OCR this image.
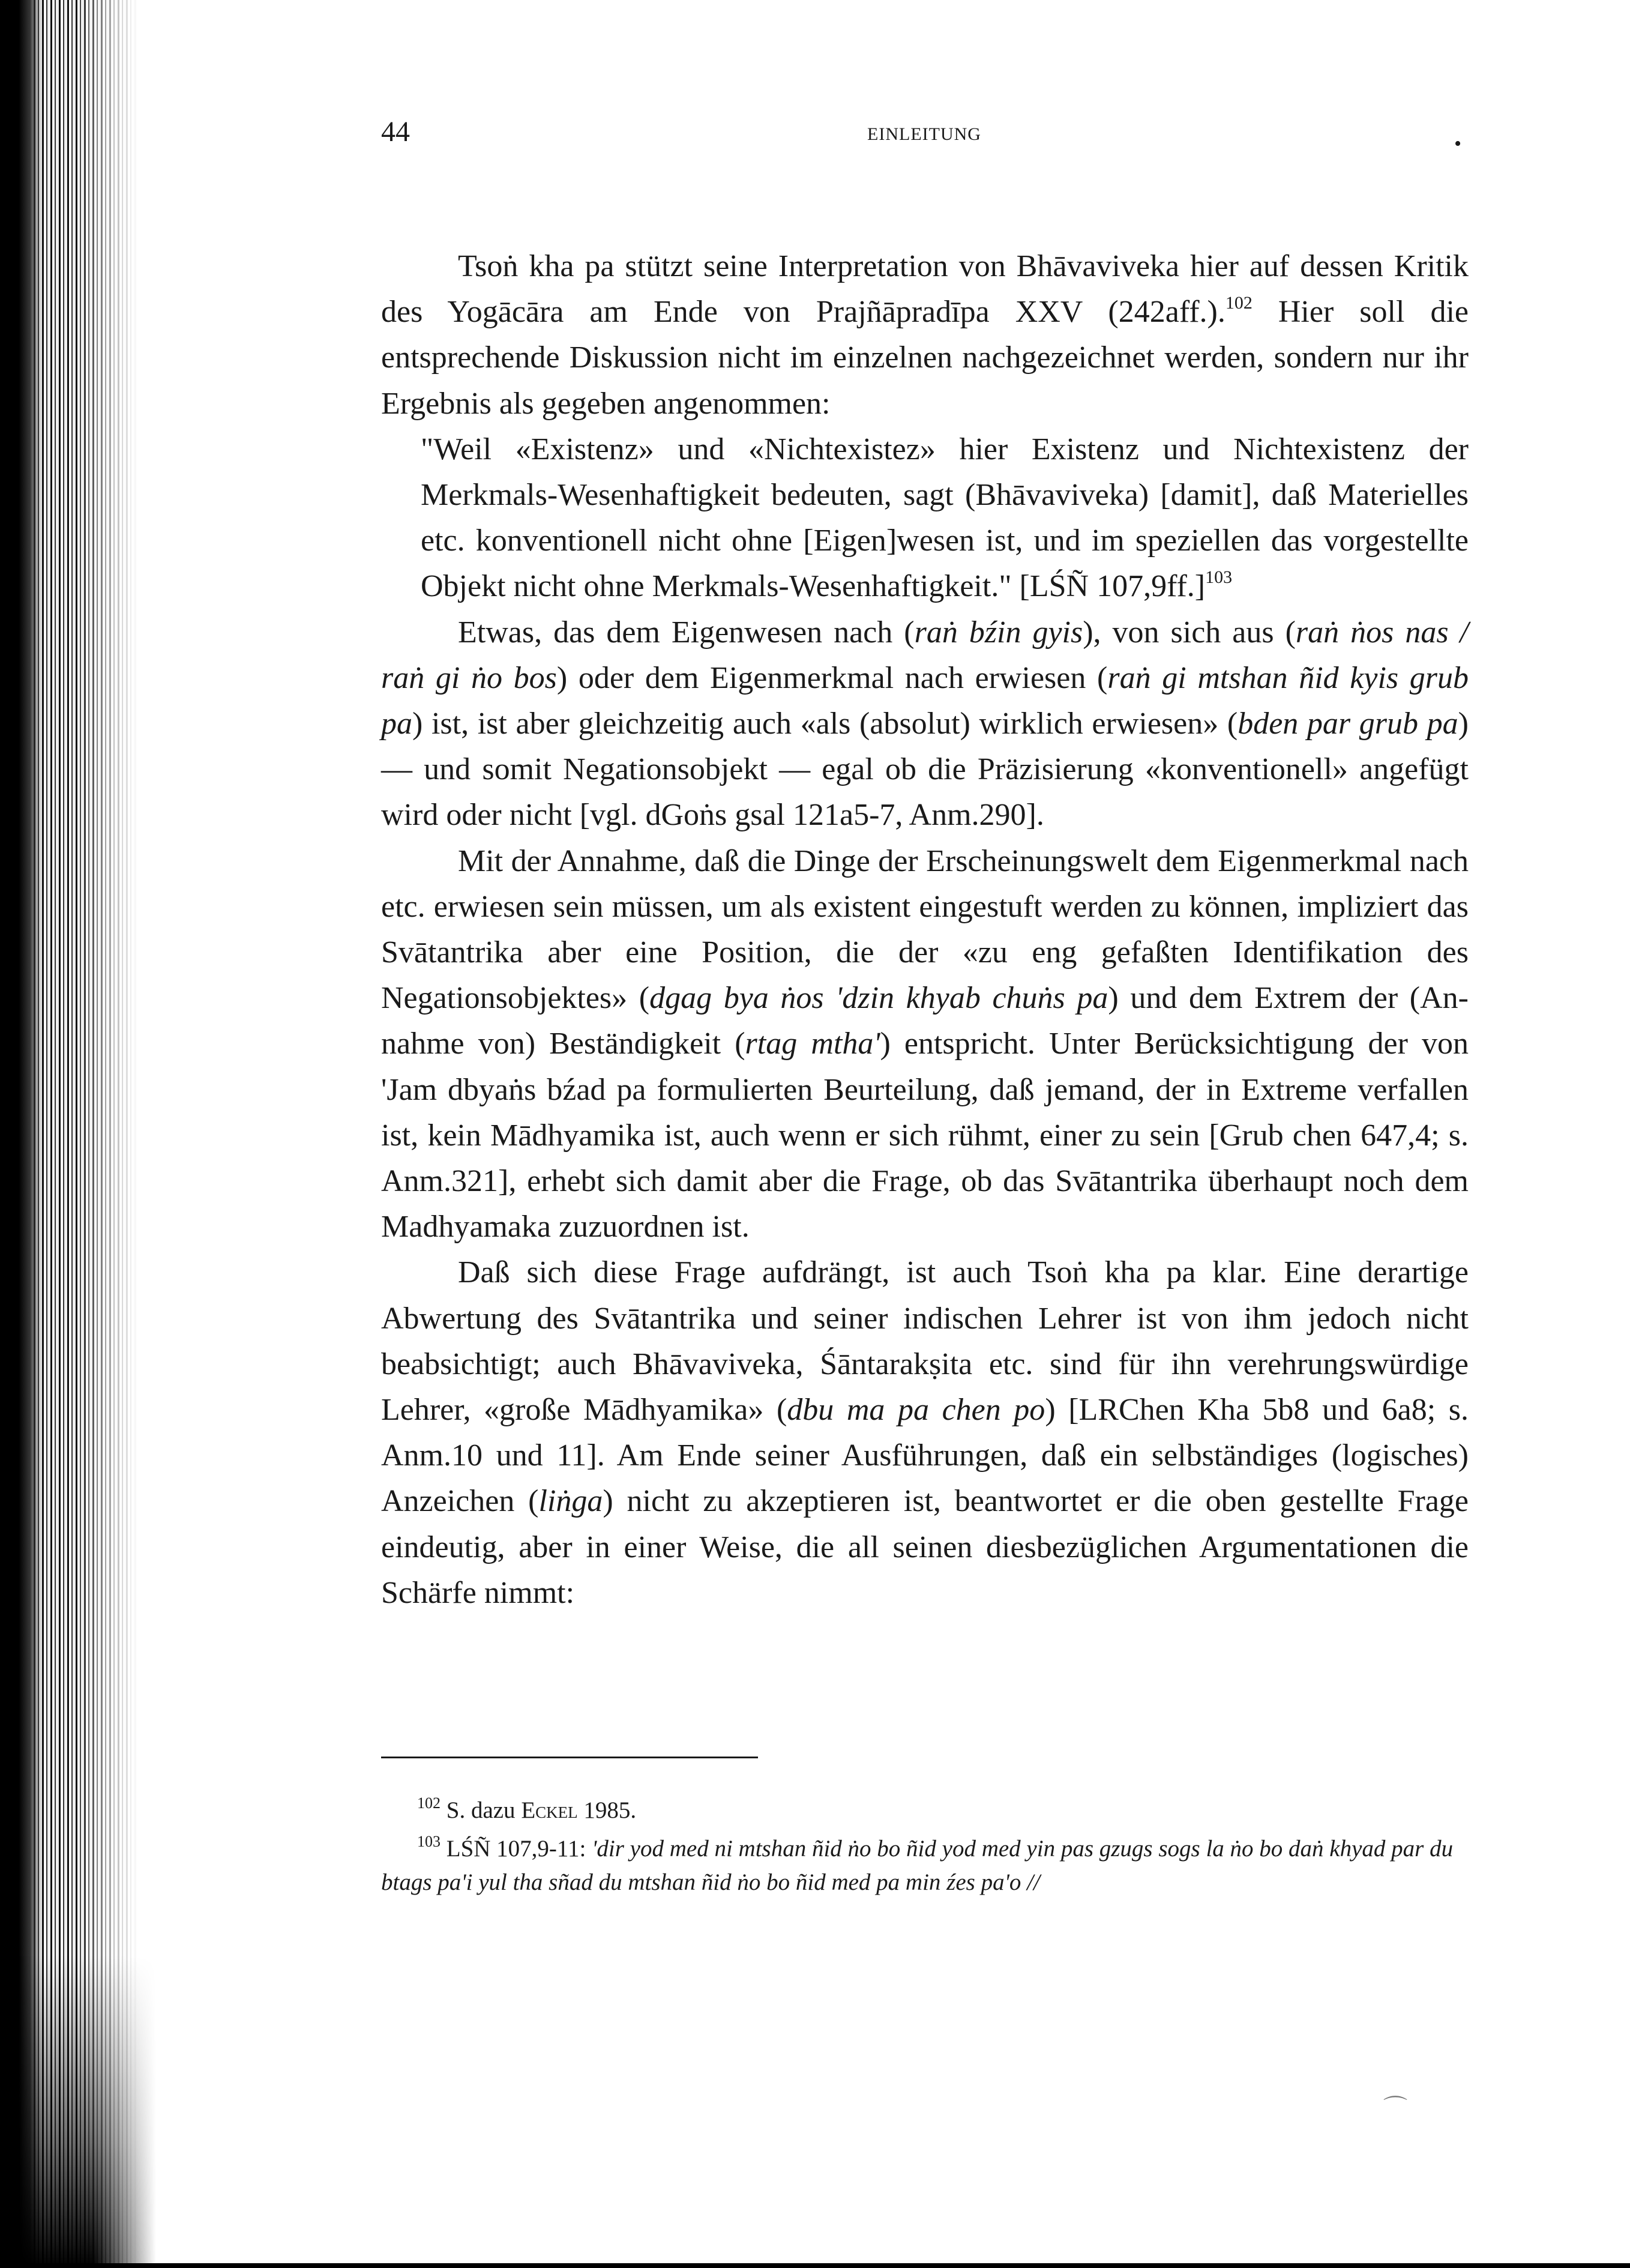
44	EINLEITUNG	•

Tsoṅ kha pa stützt seine Interpretation von Bhāvaviveka hier auf dessen Kritik des Yogācāra am Ende von Prajñāpradīpa XXV (242aff.).$^{102}$ Hier soll die entsprechende Diskussion nicht im einzelnen nachgezeichnet werden, sondern nur ihr Ergebnis als gegeben angenommen:

"Weil «Existenz» und «Nichtexistez» hier Existenz und Nichtexistenz der Merkmals-Wesenhaftigkeit bedeuten, sagt (Bhāvaviveka) [damit], daß Materielles etc. konventionell nicht ohne [Eigen]wesen ist, und im speziellen das vorgestellte Objekt nicht ohne Merkmals-Wesenhaftigkeit." [LŚÑ 107,9ff.]$^{103}$

Etwas, das dem Eigenwesen nach (raṅ bźin gyis), von sich aus (raṅ ṅos nas / raṅ gi ṅo bos) oder dem Eigenmerkmal nach erwiesen (raṅ gi mtshan ñid kyis grub pa) ist, ist aber gleichzeitig auch «als (absolut) wirklich erwiesen» (bden par grub pa) — und somit Negationsobjekt — egal ob die Präzisierung «konventionell» angefügt wird oder nicht [vgl. dGoṅs gsal 121a5-7, Anm.290].

Mit der Annahme, daß die Dinge der Erscheinungswelt dem Eigenmerkmal nach etc. erwiesen sein müssen, um als existent eingestuft werden zu können, impliziert das Svātantrika aber eine Position, die der «zu eng gefaßten Identifikation des Negationsobjektes» (dgag bya ṅos 'dzin khyab chuṅs pa) und dem Extrem der (Annahme von) Beständigkeit (rtag mtha') entspricht. Unter Berücksichtigung der von 'Jam dbyaṅs bźad pa formulierten Beurteilung, daß jemand, der in Extreme verfallen ist, kein Mādhyamika ist, auch wenn er sich rühmt, einer zu sein [Grub chen 647,4; s. Anm.321], erhebt sich damit aber die Frage, ob das Svātantrika überhaupt noch dem Madhyamaka zuzuordnen ist.

Daß sich diese Frage aufdrängt, ist auch Tsoṅ kha pa klar. Eine derartige Abwertung des Svātantrika und seiner indischen Lehrer ist von ihm jedoch nicht beabsichtigt; auch Bhāvaviveka, Śāntarakṣita etc. sind für ihn verehrungswürdige Lehrer, «große Mādhyamika» (dbu ma pa chen po) [LRChen Kha 5b8 und 6a8; s. Anm.10 und 11]. Am Ende seiner Ausführungen, daß ein selbständiges (logisches) Anzeichen (liṅga) nicht zu akzeptieren ist, beantwortet er die oben gestellte Frage eindeutig, aber in einer Weise, die all seinen diesbezüglichen Argumentationen die Schärfe nimmt:

$^{102}$ S. dazu Eckel 1985.

$^{103}$ LŚÑ 107,9-11: 'dir yod med ni mtshan ñid ṅo bo ñid yod med yin pas gzugs sogs la ṅo bo daṅ khyad par du btags pa'i yul tha sñad du mtshan ñid ṅo bo ñid med pa min źes pa'o //

⌒
